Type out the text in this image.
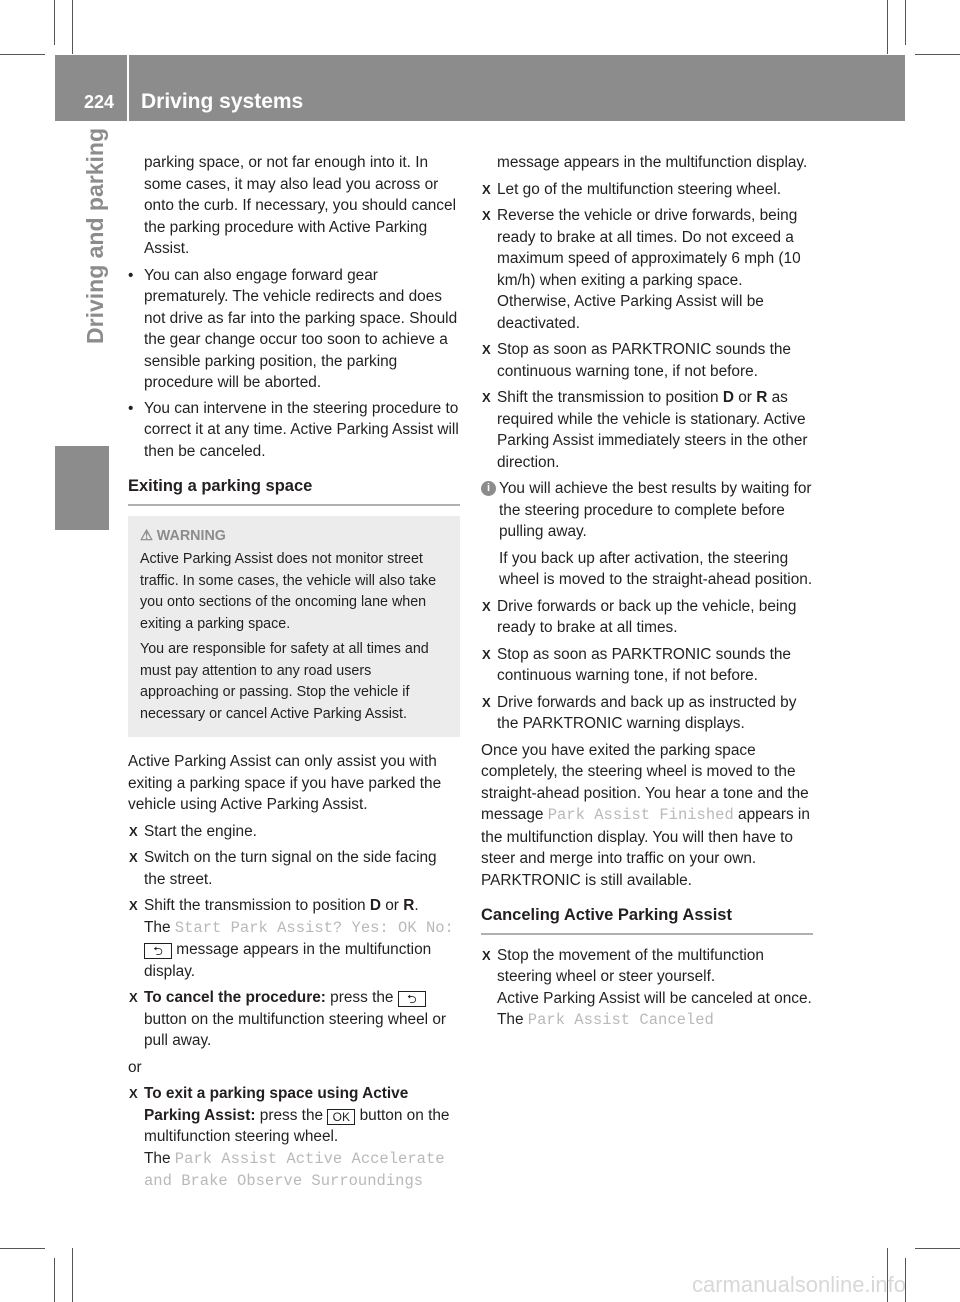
224 Driving systems
Driving and parking	parking space, or not far enough into it. In some cases, it may also lead you across or onto the curb. If necessary, you should cancel the parking procedure with Active Parking Assist.

• You can also engage forward gear prematurely. The vehicle redirects and does not drive as far into the parking space. Should the gear change occur too soon to achieve a sensible parking position, the parking procedure will be aborted.
• You can intervene in the steering procedure to correct it at any time. Active Parking Assist will then be canceled.
Exiting a parking space
⚠ WARNING

Active Parking Assist does not monitor street traffic. In some cases, the vehicle will also take you onto sections of the oncoming lane when exiting a parking space.

You are responsible for safety at all times and must pay attention to any road users approaching or passing. Stop the vehicle if necessary or cancel Active Parking Assist.

Active Parking Assist can only assist you with exiting a parking space if you have parked the vehicle using Active Parking Assist.

X Start the engine.
X Switch on the turn signal on the side facing the street.
X Shift the transmission to position D or R.
The Start Park Assist? Yes: OK No:
⮌ message appears in the multifunction display.
X To cancel the procedure: press the ⮌ button on the multifunction steering wheel or pull away.

or

X To exit a parking space using Active Parking Assist: press the OK button on the multifunction steering wheel.
The Park Assist Active Accelerate and Brake Observe Surroundings

message appears in the multifunction display.

X Let go of the multifunction steering wheel.
X Reverse the vehicle or drive forwards, being ready to brake at all times. Do not exceed a maximum speed of approximately 6 mph (10 km/h) when exiting a parking space. Otherwise, Active Parking Assist will be deactivated.
X Stop as soon as PARKTRONIC sounds the continuous warning tone, if not before.
X Shift the transmission to position D or R as required while the vehicle is stationary. Active Parking Assist immediately steers in the other direction.
i You will achieve the best results by waiting for the steering procedure to complete before pulling away.

If you back up after activation, the steering wheel is moved to the straight-ahead position.

X Drive forwards or back up the vehicle, being ready to brake at all times.
X Stop as soon as PARKTRONIC sounds the continuous warning tone, if not before.
X Drive forwards and back up as instructed by the PARKTRONIC warning displays.

Once you have exited the parking space completely, the steering wheel is moved to the straight-ahead position. You hear a tone and the message Park Assist Finished appears in the multifunction display. You will then have to steer and merge into traffic on your own. PARKTRONIC is still available.

Canceling Active Parking Assist
X Stop the movement of the multifunction steering wheel or steer yourself.
Active Parking Assist will be canceled at once. The Park Assist Canceled
carmanualsonline.info
